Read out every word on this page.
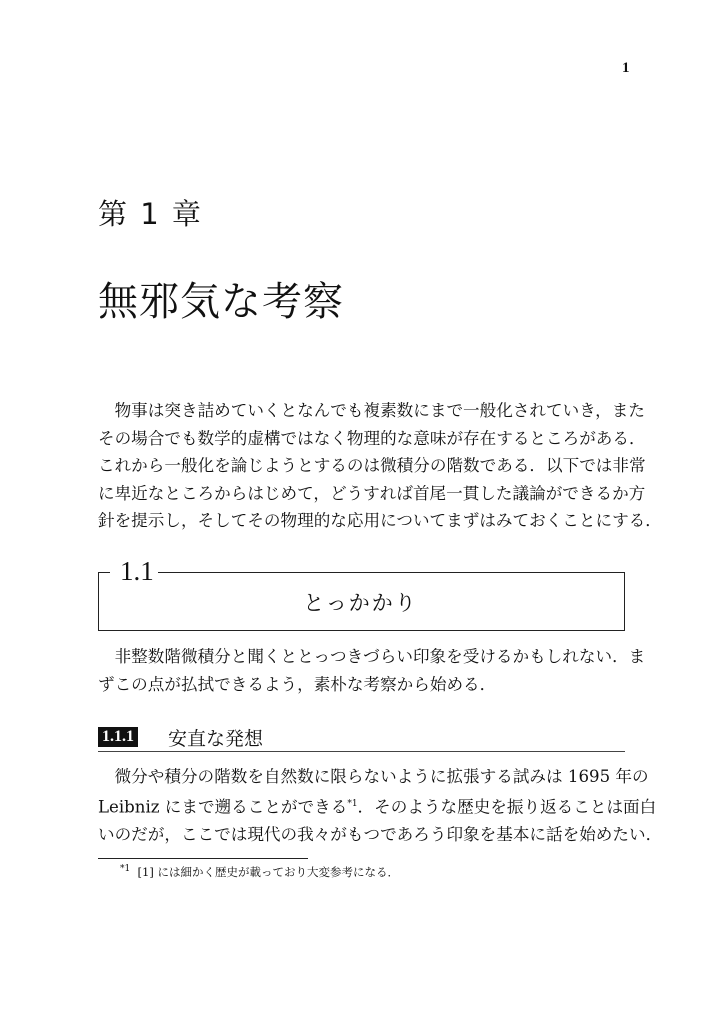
1
第 1 章
無邪気な考察
　物事は突き詰めていくとなんでも複素数にまで一般化されていき，また
その場合でも数学的虚構ではなく物理的な意味が存在するところがある．
これから一般化を論じようとするのは微積分の階数である．以下では非常
に卑近なところからはじめて，どうすれば首尾一貫した議論ができるか方
針を提示し，そしてその物理的な応用についてまずはみておくことにする．
1.1
とっかかり
　非整数階微積分と聞くととっつきづらい印象を受けるかもしれない．ま
ずこの点が払拭できるよう，素朴な考察から始める．
1.1.1 安直な発想
　微分や積分の階数を自然数に限らないように拡張する試みは 1695 年の
Leibniz にまで遡ることができる$^{*1}$．そのような歴史を振り返ることは面白
いのだが，ここでは現代の我々がもつであろう印象を基本に話を始めたい．
$^{*1}$ [1] には細かく歴史が載っており大変参考になる．
